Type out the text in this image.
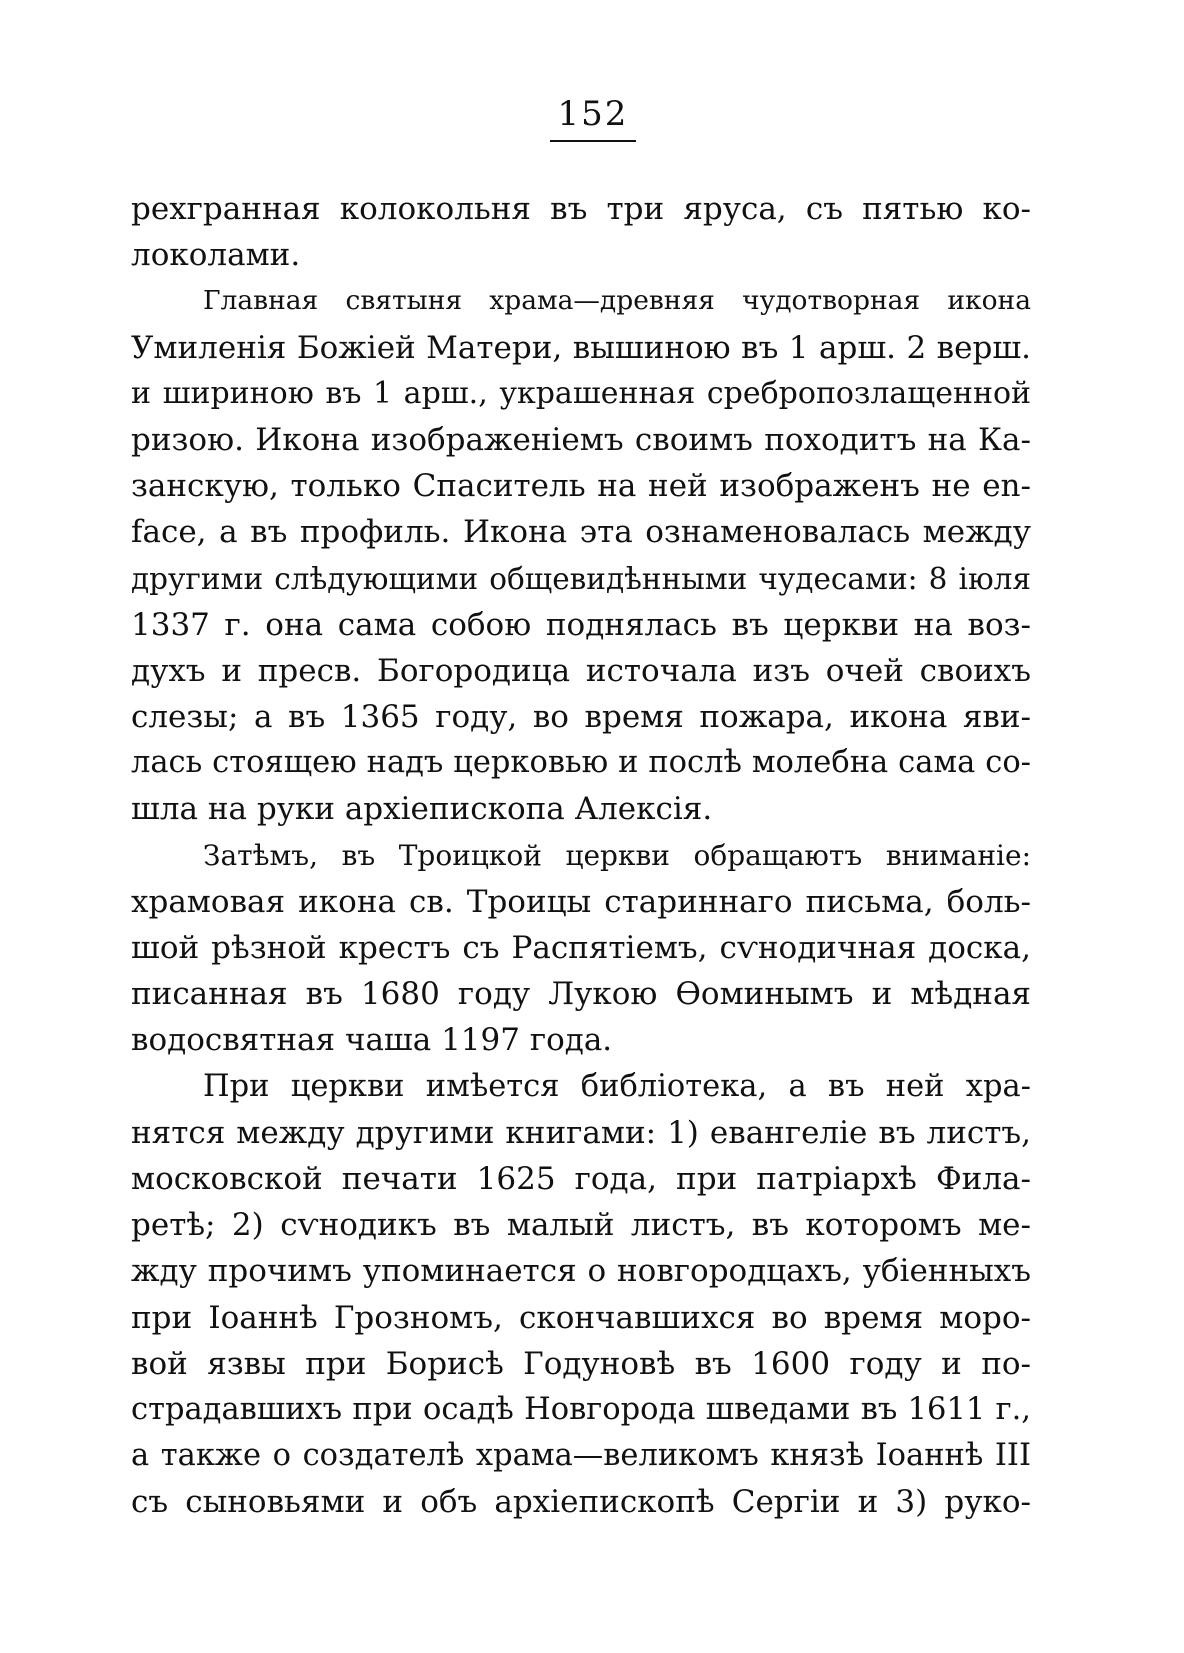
152
рехгранная колокольня въ три яруса, съ пятью ко-
локолами.
Главная святыня храма—древняя чудотворная икона
Умиленія Божіей Матери, вышиною въ 1 арш. 2 верш.
и шириною въ 1 арш., украшенная сребропозлащенной
ризою. Икона изображеніемъ своимъ походитъ на Ка-
занскую, только Спаситель на ней изображенъ не en-
face, а въ профиль. Икона эта ознаменовалась между
другими слѣдующими общевидѣнными чудесами: 8 іюля
1337 г. она сама собою поднялась въ церкви на воз-
духъ и пресв. Богородица источала изъ очей своихъ
слезы; а въ 1365 году, во время пожара, икона яви-
лась стоящею надъ церковью и послѣ молебна сама со-
шла на руки архіепископа Алексія.
Затѣмъ, въ Троицкой церкви обращаютъ вниманіе:
храмовая икона св. Троицы стариннаго письма, боль-
шой рѣзной крестъ съ Распятіемъ, сѵнодичная доска,
писанная въ 1680 году Лукою Ѳоминымъ и мѣдная
водосвятная чаша 1197 года.
При церкви имѣется библіотека, а въ ней хра-
нятся между другими книгами: 1) евангеліе въ листъ,
московской печати 1625 года, при патріархѣ Фила-
ретѣ; 2) сѵнодикъ въ малый листъ, въ которомъ ме-
жду прочимъ упоминается о новгородцахъ, убіенныхъ
при Іоаннѣ Грозномъ, скончавшихся во время моро-
вой язвы при Борисѣ Годуновѣ въ 1600 году и по-
страдавшихъ при осадѣ Новгорода шведами въ 1611 г.,
а также о создателѣ храма—великомъ князѣ Іоаннѣ III
съ сыновьями и объ архіепископѣ Сергіи и 3) руко-
